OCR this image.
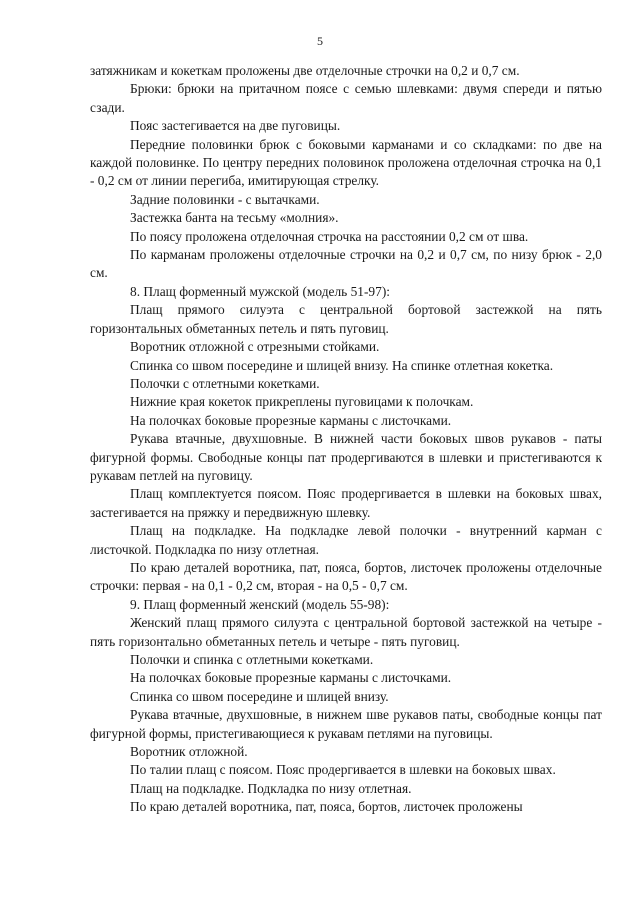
5

затяжникам и кокеткам проложены две отделочные строчки на 0,2 и 0,7 см.

Брюки: брюки на притачном поясе с семью шлевками: двумя спереди и пятью сзади.

Пояс застегивается на две пуговицы.

Передние половинки брюк с боковыми карманами и со складками: по две на каждой половинке. По центру передних половинок проложена отделочная строчка на 0,1 - 0,2 см от линии перегиба, имитирующая стрелку.

Задние половинки - с вытачками.

Застежка банта на тесьму «молния».

По поясу проложена отделочная строчка на расстоянии 0,2 см от шва.

По карманам проложены отделочные строчки на 0,2 и 0,7 см, по низу брюк - 2,0 см.

8. Плащ форменный мужской (модель 51-97):

Плащ прямого силуэта с центральной бортовой застежкой на пять горизонтальных обметанных петель и пять пуговиц.

Воротник отложной с отрезными стойками.

Спинка со швом посередине и шлицей внизу. На спинке отлетная кокетка.

Полочки с отлетными кокетками.

Нижние края кокеток прикреплены пуговицами к полочкам.

На полочках боковые прорезные карманы с листочками.

Рукава втачные, двухшовные. В нижней части боковых швов рукавов - паты фигурной формы. Свободные концы пат продергиваются в шлевки и пристегиваются к рукавам петлей на пуговицу.

Плащ комплектуется поясом. Пояс продергивается в шлевки на боковых швах, застегивается на пряжку и передвижную шлевку.

Плащ на подкладке. На подкладке левой полочки - внутренний карман с листочкой. Подкладка по низу отлетная.

По краю деталей воротника, пат, пояса, бортов, листочек проложены отделочные строчки: первая - на 0,1 - 0,2 см, вторая - на 0,5 - 0,7 см.

9. Плащ форменный женский (модель 55-98):

Женский плащ прямого силуэта с центральной бортовой застежкой на четыре - пять горизонтально обметанных петель и четыре - пять пуговиц.

Полочки и спинка с отлетными кокетками.

На полочках боковые прорезные карманы с листочками.

Спинка со швом посередине и шлицей внизу.

Рукава втачные, двухшовные, в нижнем шве рукавов паты, свободные концы пат фигурной формы, пристегивающиеся к рукавам петлями на пуговицы.

Воротник отложной.

По талии плащ с поясом. Пояс продергивается в шлевки на боковых швах.

Плащ на подкладке. Подкладка по низу отлетная.

По краю деталей воротника, пат, пояса, бортов, листочек проложены
